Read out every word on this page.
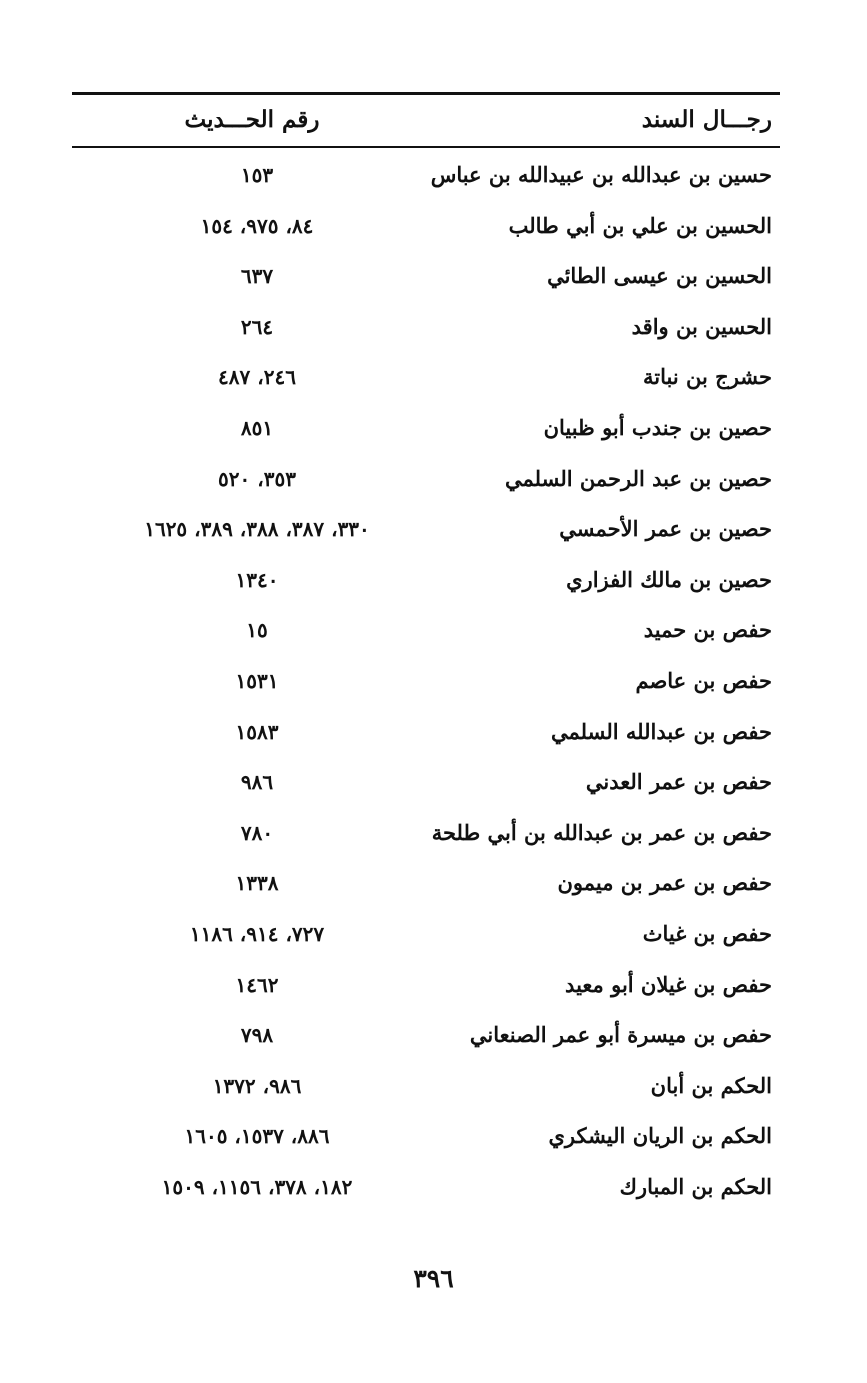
رجـــال السند
رقم الحـــديث
حسين بن عبدالله بن عبيدالله بن عباس
١٥٣
الحسين بن علي بن أبي طالب
٨٤، ٩٧٥، ١٥٤
الحسين بن عيسى الطائي
٦٣٧
الحسين بن واقد
٢٦٤
حشرج بن نباتة
٢٤٦، ٤٨٧
حصين بن جندب أبو ظبيان
٨٥١
حصين بن عبد الرحمن السلمي
٣٥٣، ٥٢٠
حصين بن عمر الأحمسي
٣٣٠، ٣٨٧، ٣٨٨، ٣٨٩، ١٦٢٥
حصين بن مالك الفزاري
١٣٤٠
حفص بن حميد
١٥
حفص بن عاصم
١٥٣١
حفص بن عبدالله السلمي
١٥٨٣
حفص بن عمر العدني
٩٨٦
حفص بن عمر بن عبدالله بن أبي طلحة
٧٨٠
حفص بن عمر بن ميمون
١٣٣٨
حفص بن غياث
٧٢٧، ٩١٤، ١١٨٦
حفص بن غيلان أبو معيد
١٤٦٢
حفص بن ميسرة أبو عمر الصنعاني
٧٩٨
الحكم بن أبان
٩٨٦، ١٣٧٢
الحكم بن الريان اليشكري
٨٨٦، ١٥٣٧، ١٦٠٥
الحكم بن المبارك
١٨٢، ٣٧٨، ١١٥٦، ١٥٠٩
٣٩٦
